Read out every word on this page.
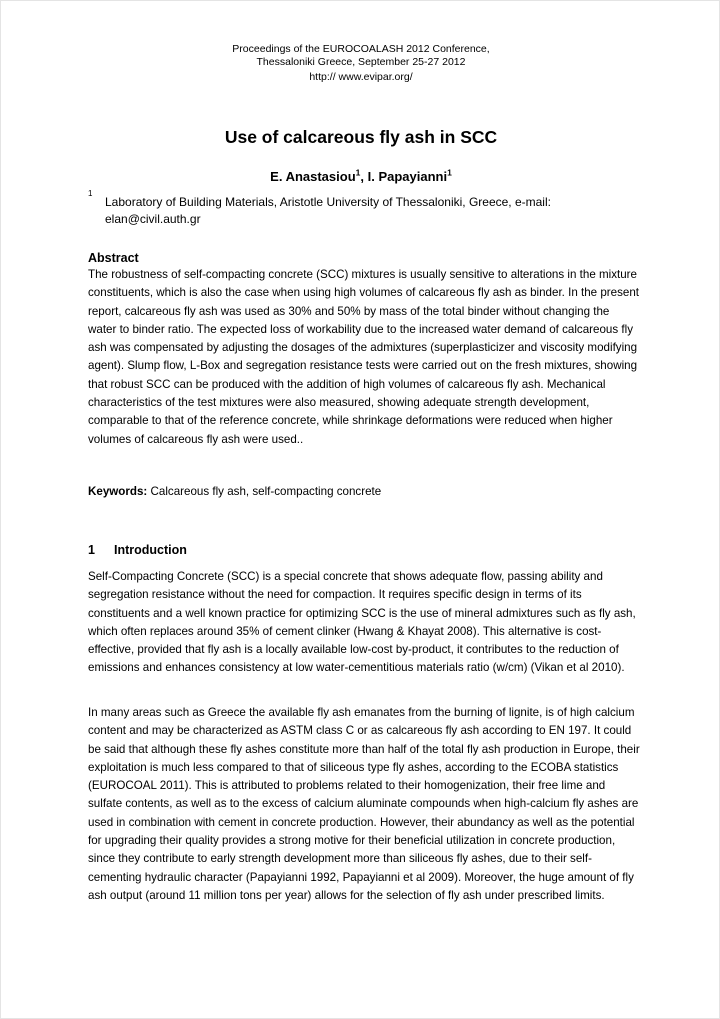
Proceedings of the EUROCOALASH 2012 Conference,
Thessaloniki Greece, September 25-27 2012
http:// www.evipar.org/
Use of calcareous fly ash in SCC
E. Anastasiou$^1$, I. Papayianni$^1$
1
Laboratory of Building Materials, Aristotle University of Thessaloniki, Greece, e-mail: elan@civil.auth.gr
Abstract
The robustness of self-compacting concrete (SCC) mixtures is usually sensitive to alterations in the mixture constituents, which is also the case when using high volumes of calcareous fly ash as binder. In the present report, calcareous fly ash was used as 30% and 50% by mass of the total binder without changing the water to binder ratio. The expected loss of workability due to the increased water demand of calcareous fly ash was compensated by adjusting the dosages of the admixtures (superplasticizer and viscosity modifying agent). Slump flow, L-Box and segregation resistance tests were carried out on the fresh mixtures, showing that robust SCC can be produced with the addition of high volumes of calcareous fly ash. Mechanical characteristics of the test mixtures were also measured, showing adequate strength development, comparable to that of the reference concrete, while shrinkage deformations were reduced when higher volumes of calcareous fly ash were used..
Keywords: Calcareous fly ash, self-compacting concrete
1 Introduction
Self-Compacting Concrete (SCC) is a special concrete that shows adequate flow, passing ability and segregation resistance without the need for compaction. It requires specific design in terms of its constituents and a well known practice for optimizing SCC is the use of mineral admixtures such as fly ash, which often replaces around 35% of cement clinker (Hwang & Khayat 2008). This alternative is cost-effective, provided that fly ash is a locally available low-cost by-product, it contributes to the reduction of emissions and enhances consistency at low water-cementitious materials ratio (w/cm) (Vikan et al 2010).
In many areas such as Greece the available fly ash emanates from the burning of lignite, is of high calcium content and may be characterized as ASTM class C or as calcareous fly ash according to EN 197. It could be said that although these fly ashes constitute more than half of the total fly ash production in Europe, their exploitation is much less compared to that of siliceous type fly ashes, according to the ECOBA statistics (EUROCOAL 2011). This is attributed to problems related to their homogenization, their free lime and sulfate contents, as well as to the excess of calcium aluminate compounds when high-calcium fly ashes are used in combination with cement in concrete production. However, their abundancy as well as the potential for upgrading their quality provides a strong motive for their beneficial utilization in concrete production, since they contribute to early strength development more than siliceous fly ashes, due to their self-cementing hydraulic character (Papayianni 1992, Papayianni et al 2009). Moreover, the huge amount of fly ash output (around 11 million tons per year) allows for the selection of fly ash under prescribed limits.
